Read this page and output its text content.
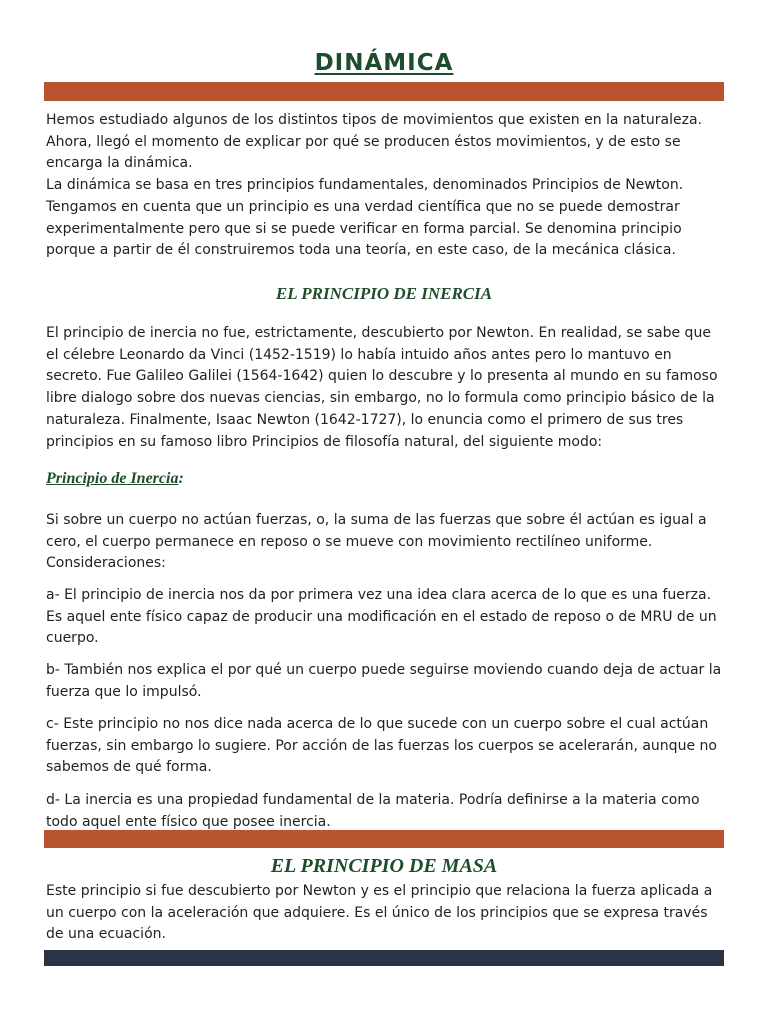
DINÁMICA

Hemos estudiado algunos de los distintos tipos de movimientos que existen en la naturaleza. Ahora, llegó el momento de explicar por qué se producen éstos movimientos, y de esto se encarga la dinámica.

La dinámica se basa en tres principios fundamentales, denominados Principios de Newton. Tengamos en cuenta que un principio es una verdad científica que no se puede demostrar experimentalmente pero que si se puede verificar en forma parcial. Se denomina principio porque a partir de él construiremos toda una teoría, en este caso, de la mecánica clásica.

EL PRINCIPIO DE INERCIA
El principio de inercia no fue, estrictamente, descubierto por Newton. En realidad, se sabe que el célebre Leonardo da Vinci (1452-1519) lo había intuido años antes pero lo mantuvo en secreto. Fue Galileo Galilei (1564-1642) quien lo descubre y lo presenta al mundo en su famoso libre dialogo sobre dos nuevas ciencias, sin embargo, no lo formula como principio básico de la naturaleza. Finalmente, Isaac Newton (1642-1727), lo enuncia como el primero de sus tres principios en su famoso libro Principios de filosofía natural, del siguiente modo:
Principio de Inercia:

Si sobre un cuerpo no actúan fuerzas, o, la suma de las fuerzas que sobre él actúan es igual a cero, el cuerpo permanece en reposo o se mueve con movimiento rectilíneo uniforme.

Consideraciones:

a- El principio de inercia nos da por primera vez una idea clara acerca de lo que es una fuerza. Es aquel ente físico capaz de producir una modificación en el estado de reposo o de MRU de un cuerpo.
b- También nos explica el por qué un cuerpo puede seguirse moviendo cuando deja de actuar la fuerza que lo impulsó.
c- Este principio no nos dice nada acerca de lo que sucede con un cuerpo sobre el cual actúan fuerzas, sin embargo lo sugiere. Por acción de las fuerzas los cuerpos se acelerarán, aunque no sabemos de qué forma.
d- La inercia es una propiedad fundamental de la materia. Podría definirse a la materia como todo aquel ente físico que posee inercia.
EL PRINCIPIO DE MASA
Este principio si fue descubierto por Newton y es el principio que relaciona la fuerza aplicada a un cuerpo con la aceleración que adquiere. Es el único de los principios que se expresa través de una ecuación.
